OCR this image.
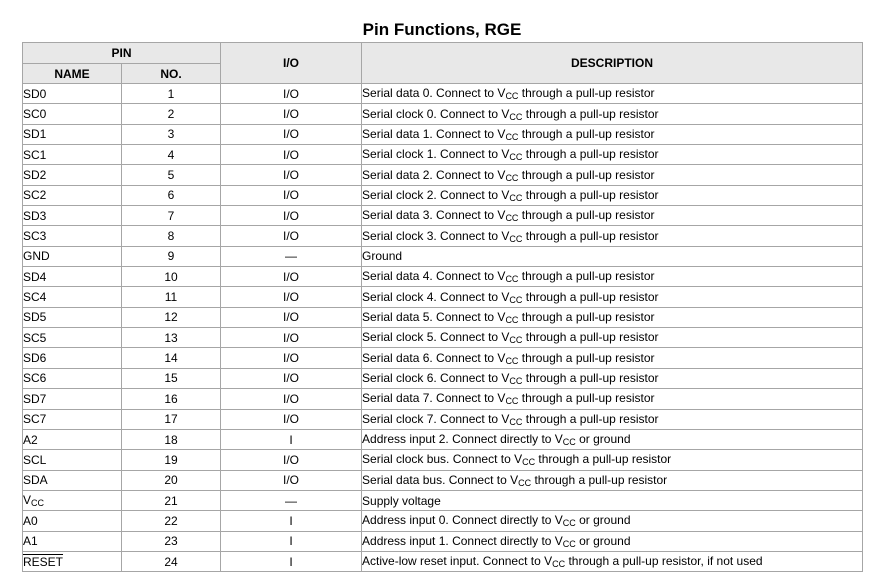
Pin Functions, RGE
PIN		I/O	DESCRIPTION
NAME	NO.		
SD0	1	I/O	Serial data 0. Connect to VCC through a pull-up resistor
SC0	2	I/O	Serial clock 0. Connect to VCC through a pull-up resistor
SD1	3	I/O	Serial data 1. Connect to VCC through a pull-up resistor
SC1	4	I/O	Serial clock 1. Connect to VCC through a pull-up resistor
SD2	5	I/O	Serial data 2. Connect to VCC through a pull-up resistor
SC2	6	I/O	Serial clock 2. Connect to VCC through a pull-up resistor
SD3	7	I/O	Serial data 3. Connect to VCC through a pull-up resistor
SC3	8	I/O	Serial clock 3. Connect to VCC through a pull-up resistor
GND	9	—	Ground
SD4	10	I/O	Serial data 4. Connect to VCC through a pull-up resistor
SC4	11	I/O	Serial clock 4. Connect to VCC through a pull-up resistor
SD5	12	I/O	Serial data 5. Connect to VCC through a pull-up resistor
SC5	13	I/O	Serial clock 5. Connect to VCC through a pull-up resistor
SD6	14	I/O	Serial data 6. Connect to VCC through a pull-up resistor
SC6	15	I/O	Serial clock 6. Connect to VCC through a pull-up resistor
SD7	16	I/O	Serial data 7. Connect to VCC through a pull-up resistor
SC7	17	I/O	Serial clock 7. Connect to VCC through a pull-up resistor
A2	18	I	Address input 2. Connect directly to VCC or ground
SCL	19	I/O	Serial clock bus. Connect to VCC through a pull-up resistor
SDA	20	I/O	Serial data bus. Connect to VCC through a pull-up resistor
VCC	21	—	Supply voltage
A0	22	I	Address input 0. Connect directly to VCC or ground
A1	23	I	Address input 1. Connect directly to VCC or ground
RESET	24	I	Active-low reset input. Connect to VCC through a pull-up resistor, if not used
